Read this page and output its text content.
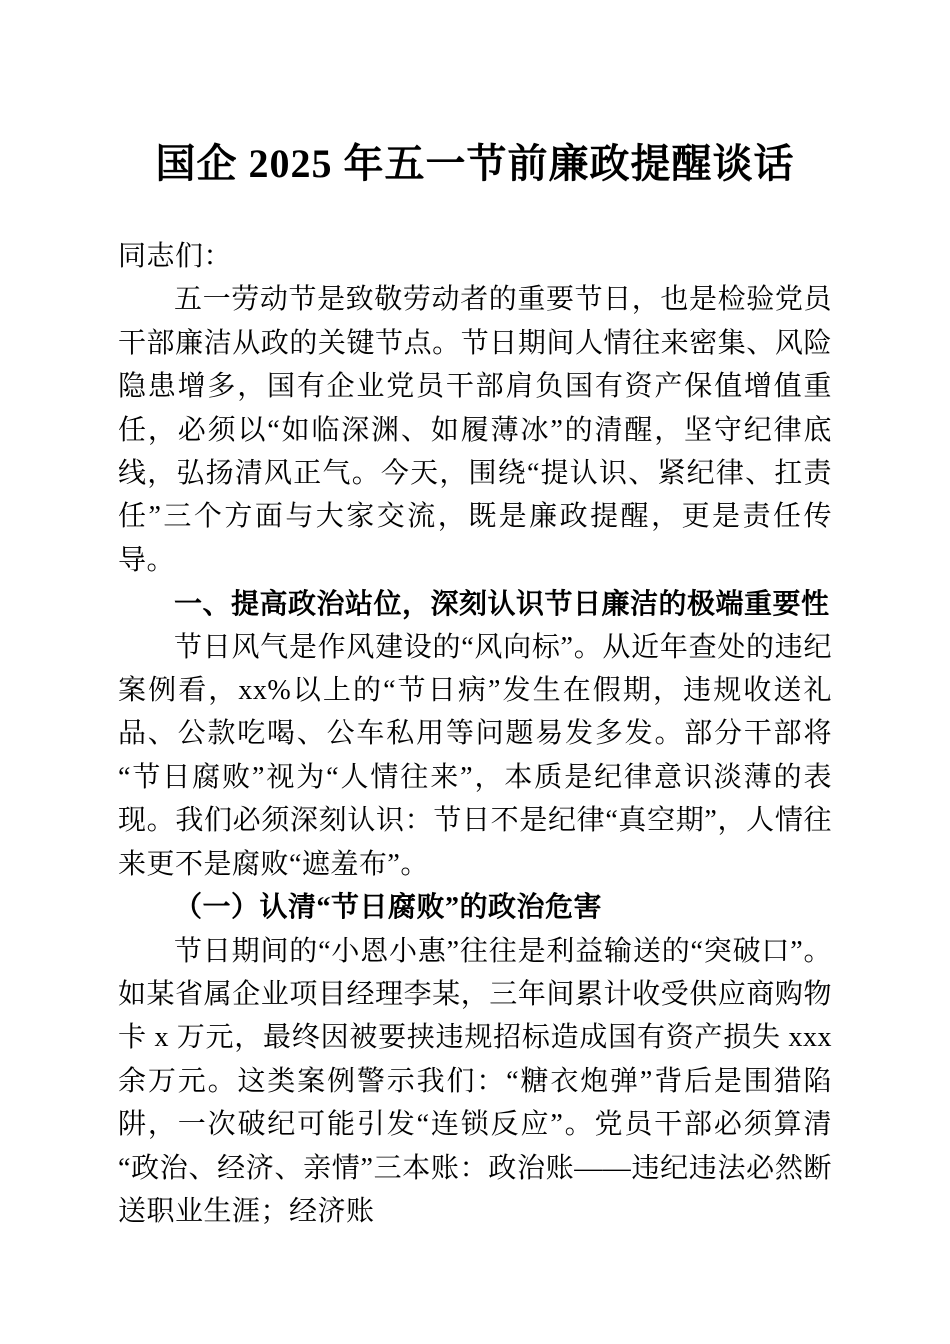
国企 2025 年五一节前廉政提醒谈话

同志们：

五一劳动节是致敬劳动者的重要节日，也是检验党员干部廉洁从政的关键节点。节日期间人情往来密集、风险隐患增多，国有企业党员干部肩负国有资产保值增值重任，必须以“如临深渊、如履薄冰”的清醒，坚守纪律底线，弘扬清风正气。今天，围绕“提认识、紧纪律、扛责任”三个方面与大家交流，既是廉政提醒，更是责任传导。

一、提高政治站位，深刻认识节日廉洁的极端重要性

节日风气是作风建设的“风向标”。从近年查处的违纪案例看，xx%以上的“节日病”发生在假期，违规收送礼品、公款吃喝、公车私用等问题易发多发。部分干部将“节日腐败”视为“人情往来”，本质是纪律意识淡薄的表现。我们必须深刻认识：节日不是纪律“真空期”，人情往来更不是腐败“遮羞布”。

（一）认清“节日腐败”的政治危害

节日期间的“小恩小惠”往往是利益输送的“突破口”。如某省属企业项目经理李某，三年间累计收受供应商购物卡 x 万元，最终因被要挟违规招标造成国有资产损失 xxx 余万元。这类案例警示我们：“糖衣炮弹”背后是围猎陷阱，一次破纪可能引发“连锁反应”。党员干部必须算清“政治、经济、亲情”三本账：政治账——违纪违法必然断送职业生涯；经济账
